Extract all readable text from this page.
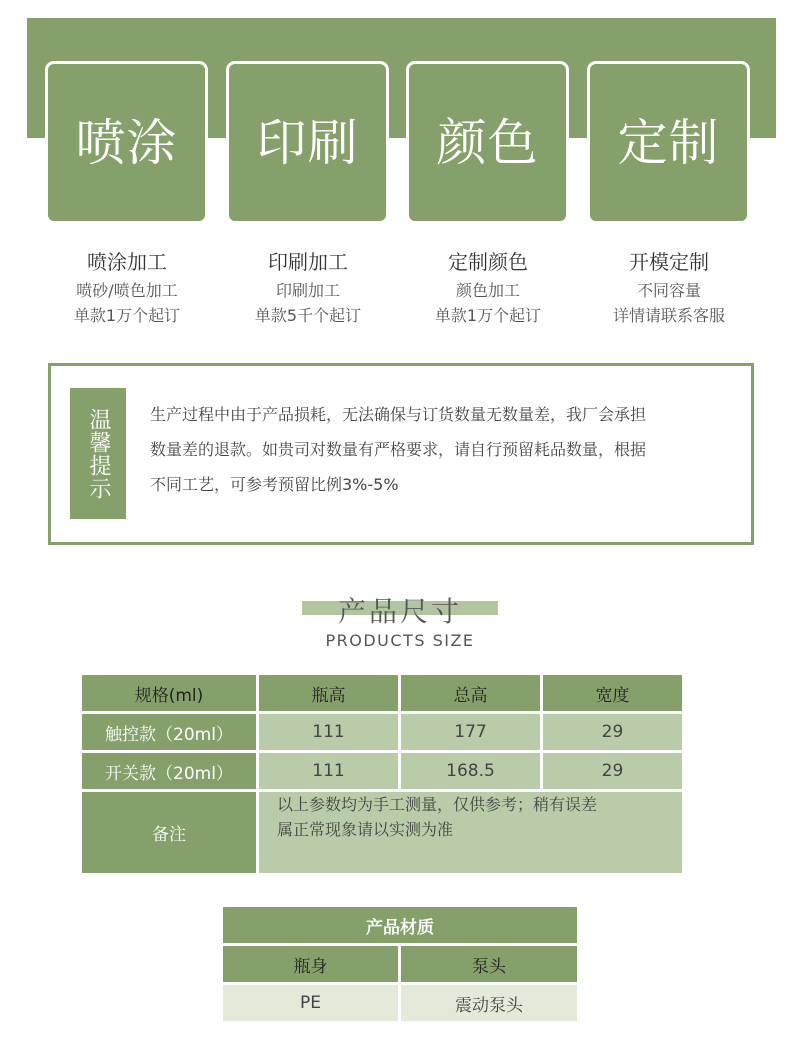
喷涂 印刷 颜色 定制
喷涂加工
喷砂/喷色加工
单款1万个起订
印刷加工
印刷加工
单款5千个起订
定制颜色
颜色加工
单款1万个起订
开模定制
不同容量
详情请联系客服
温馨提示 生产过程中由于产品损耗，无法确保与订货数量无数量差，我厂会承担
数量差的退款。如贵司对数量有严格要求，请自行预留耗品数量，根据
不同工艺，可参考预留比例3%-5%
产品尺寸
PRODUCTS SIZE
规格(ml)	瓶高	总高	宽度
触控款（20ml）	111	177	29
开关款（20ml）	111	168.5	29
备注
以上参数均为手工测量，仅供参考；稍有误差
属正常现象请以实测为准
产品材质
瓶身	泵头
PE	震动泵头
